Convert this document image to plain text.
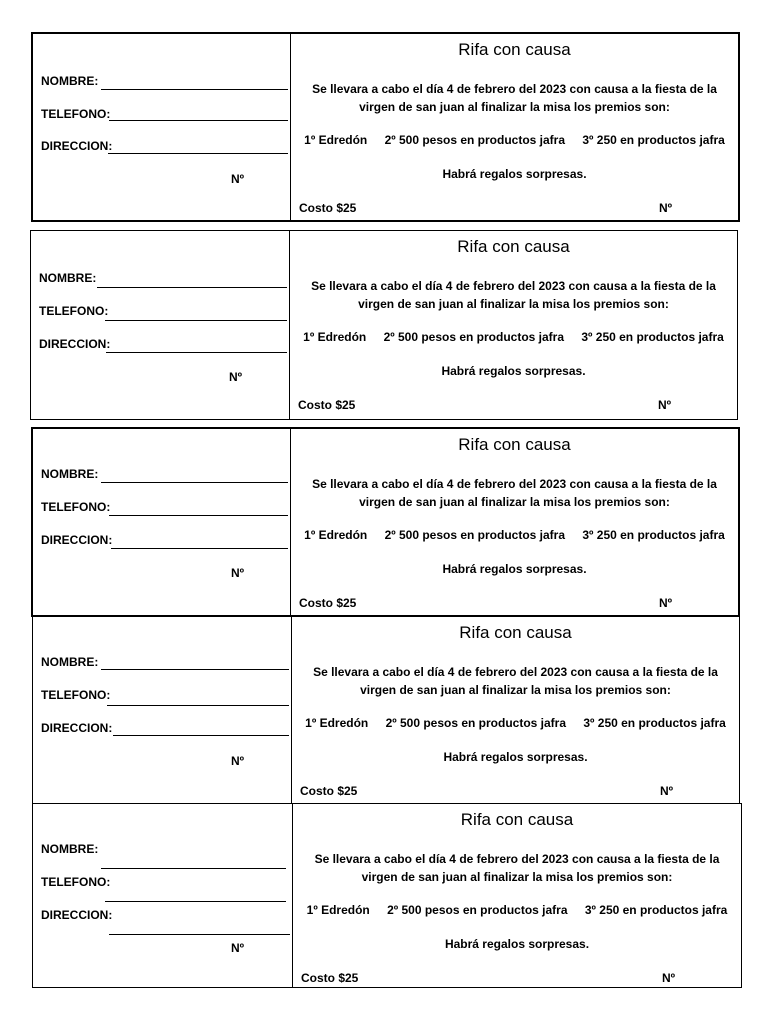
NOMBRE:
TELEFONO:
DIRECCION:
Nº
Rifa con causa
Se llevara a cabo el día 4 de febrero del 2023 con causa a la fiesta de la virgen de san juan al finalizar la misa los premios son:
1º Edredón 2º 500 pesos en productos jafra 3º 250 en productos jafra
Habrá regalos sorpresas.
Costo $25	Nº
NOMBRE:
TELEFONO:
DIRECCION:
Nº
Rifa con causa
Se llevara a cabo el día 4 de febrero del 2023 con causa a la fiesta de la virgen de san juan al finalizar la misa los premios son:
1º Edredón 2º 500 pesos en productos jafra 3º 250 en productos jafra
Habrá regalos sorpresas.
Costo $25	Nº
NOMBRE:
TELEFONO:
DIRECCION:
Nº
Rifa con causa
Se llevara a cabo el día 4 de febrero del 2023 con causa a la fiesta de la virgen de san juan al finalizar la misa los premios son:
1º Edredón 2º 500 pesos en productos jafra 3º 250 en productos jafra
Habrá regalos sorpresas.
Costo $25	Nº
NOMBRE:
TELEFONO:
DIRECCION:
Nº
Rifa con causa
Se llevara a cabo el día 4 de febrero del 2023 con causa a la fiesta de la virgen de san juan al finalizar la misa los premios son:
1º Edredón 2º 500 pesos en productos jafra 3º 250 en productos jafra
Habrá regalos sorpresas.
Costo $25	Nº
NOMBRE:
TELEFONO:
DIRECCION:
Nº
Rifa con causa
Se llevara a cabo el día 4 de febrero del 2023 con causa a la fiesta de la virgen de san juan al finalizar la misa los premios son:
1º Edredón 2º 500 pesos en productos jafra 3º 250 en productos jafra
Habrá regalos sorpresas.
Costo $25	Nº
